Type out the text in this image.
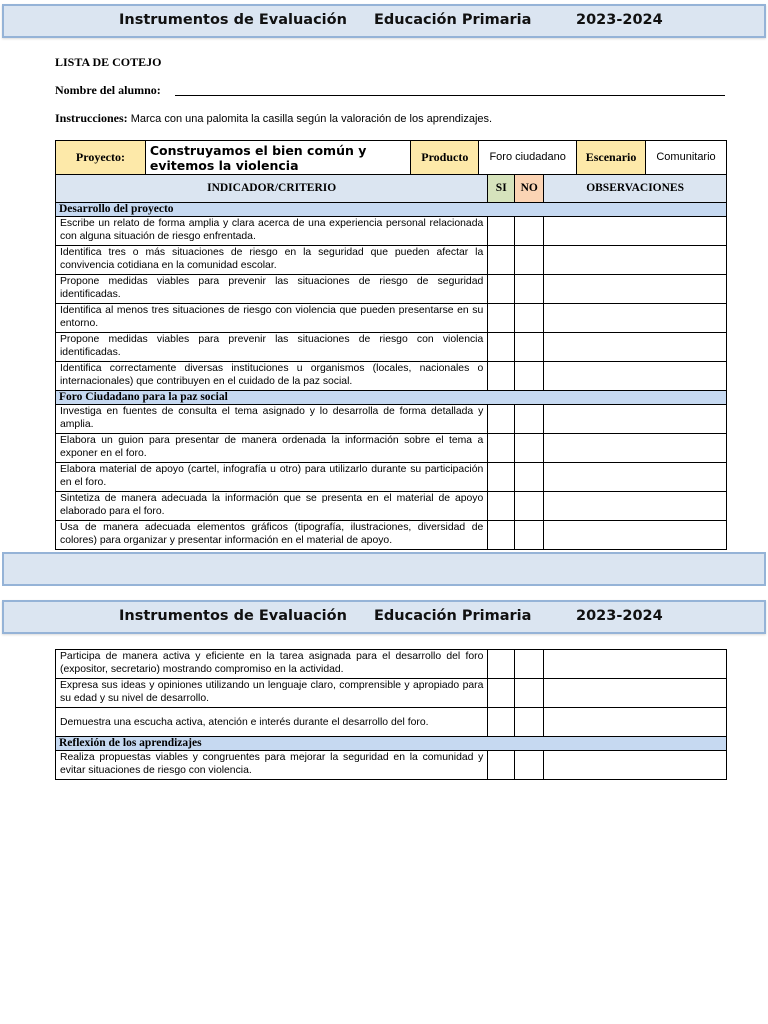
Instrumentos de Evaluación Educación Primaria	2023-2024
LISTA DE COTEJO
Nombre del alumno:
Instrucciones: Marca con una palomita la casilla según la valoración de los aprendizajes.
Proyecto:	Construyamos el bien común y evitemos la violencia	Producto	Foro ciudadano	Escenario	Comunitario
INDICADOR/CRITERIO	SI	NO	OBSERVACIONES
Desarrollo del proyecto			
Escribe un relato de forma amplia y clara acerca de una experiencia personal relacionada con alguna situación de riesgo enfrentada.			
Identifica tres o más situaciones de riesgo en la seguridad que pueden afectar la convivencia cotidiana en la comunidad escolar.			
Propone medidas viables para prevenir las situaciones de riesgo de seguridad identificadas.			
Identifica al menos tres situaciones de riesgo con violencia que pueden presentarse en su entorno.			
Propone medidas viables para prevenir las situaciones de riesgo con violencia identificadas.			
Identifica correctamente diversas instituciones u organismos (locales, nacionales o internacionales) que contribuyen en el cuidado de la paz social.			
Foro Ciudadano para la paz social			
Investiga en fuentes de consulta el tema asignado y lo desarrolla de forma detallada y amplia.			
Elabora un guion para presentar de manera ordenada la información sobre el tema a exponer en el foro.			
Elabora material de apoyo (cartel, infografía u otro) para utilizarlo durante su participación en el foro.			
Sintetiza de manera adecuada la información que se presenta en el material de apoyo elaborado para el foro.			
Usa de manera adecuada elementos gráficos (tipografía, ilustraciones, diversidad de colores) para organizar y presentar información en el material de apoyo.			
Instrumentos de Evaluación Educación Primaria	2023-2024
Participa de manera activa y eficiente en la tarea asignada para el desarrollo del foro (expositor, secretario) mostrando compromiso en la actividad.			
Expresa sus ideas y opiniones utilizando un lenguaje claro, comprensible y apropiado para su edad y su nivel de desarrollo.			
Demuestra una escucha activa, atención e interés durante el desarrollo del foro.			
Reflexión de los aprendizajes			
Realiza propuestas viables y congruentes para mejorar la seguridad en la comunidad y evitar situaciones de riesgo con violencia.			
